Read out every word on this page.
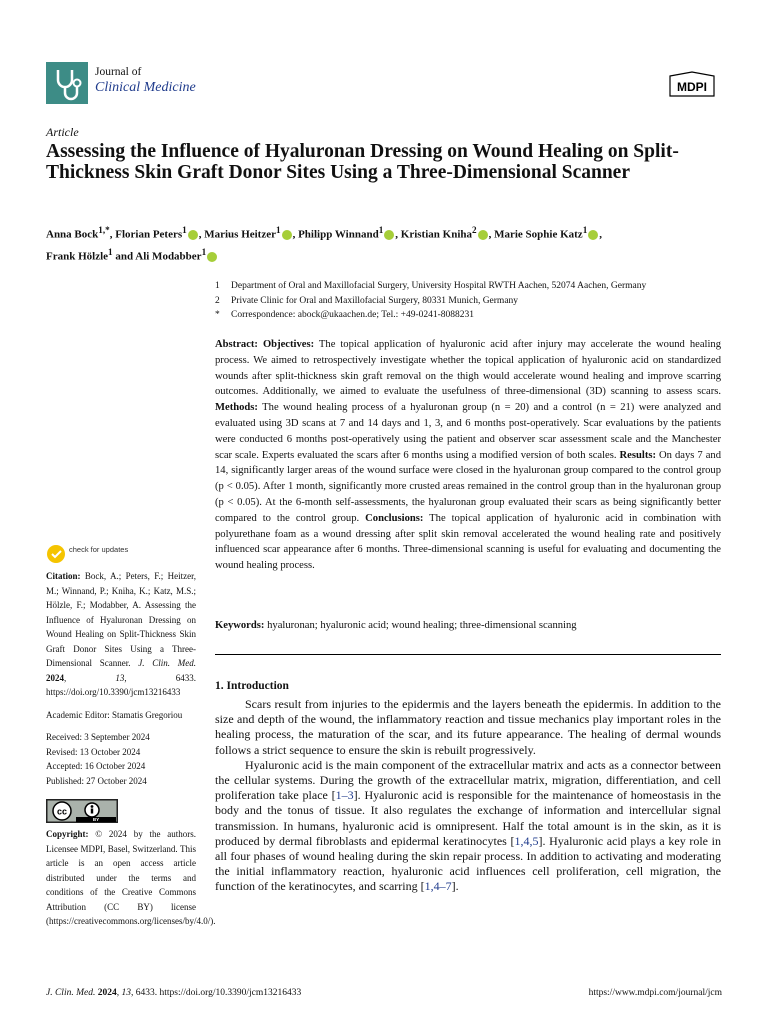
Journal of
Clinical Medicine	MDPI
Article
Assessing the Influence of Hyaluronan Dressing on Wound Healing on Split-Thickness Skin Graft Donor Sites Using a Three-Dimensional Scanner
Anna Bock$^{1,*}$, Florian Peters$^1$ , Marius Heitzer$^1$ , Philipp Winnand$^1$ , Kristian Kniha$^2$ , Marie Sophie Katz$^1$ ,
Frank Hölzle$^1$ and Ali Modabber$^1$
1 Department of Oral and Maxillofacial Surgery, University Hospital RWTH Aachen, 52074 Aachen, Germany
2 Private Clinic for Oral and Maxillofacial Surgery, 80331 Munich, Germany
* Correspondence: abock@ukaachen.de; Tel.: +49-0241-8088231
Abstract: Objectives: The topical application of hyaluronic acid after injury may accelerate the wound healing process. We aimed to retrospectively investigate whether the topical application of hyaluronic acid on standardized wounds after split-thickness skin graft removal on the thigh would accelerate wound healing and improve scarring outcomes. Additionally, we aimed to evaluate the usefulness of three-dimensional (3D) scanning to assess scars. Methods: The wound healing process of a hyaluronan group (n = 20) and a control (n = 21) were analyzed and evaluated using 3D scans at 7 and 14 days and 1, 3, and 6 months post-operatively. Scar evaluations by the patients were conducted 6 months post-operatively using the patient and observer scar assessment scale and the Manchester scar scale. Experts evaluated the scars after 6 months using a modified version of both scales. Results: On days 7 and 14, significantly larger areas of the wound surface were closed in the hyaluronan group compared to the control group (p < 0.05). After 1 month, significantly more crusted areas remained in the control group than in the hyaluronan group (p < 0.05). At the 6-month self-assessments, the hyaluronan group evaluated their scars as being significantly better compared to the control group. Conclusions: The topical application of hyaluronic acid in combination with polyurethane foam as a wound dressing after split skin removal accelerated the wound healing rate and positively influenced scar appearance after 6 months. Three-dimensional scanning is useful for evaluating and documenting the wound healing process.
Keywords: hyaluronan; hyaluronic acid; wound healing; three-dimensional scanning
1. Introduction

Scars result from injuries to the epidermis and the layers beneath the epidermis. In addition to the size and depth of the wound, the inflammatory reaction and tissue mechanics play important roles in the healing process, the maturation of the scar, and its future appearance. The healing of dermal wounds follows a strict sequence to ensure the skin is rebuilt progressively.

Hyaluronic acid is the main component of the extracellular matrix and acts as a connector between the cellular systems. During the growth of the extracellular matrix, migration, differentiation, and cell proliferation take place [1–3]. Hyaluronic acid is responsible for the maintenance of homeostasis in the body and the tonus of tissue. It also regulates the exchange of information and intercellular signal transmission. In humans, hyaluronic acid is omnipresent. Half the total amount is in the skin, as it is produced by dermal fibroblasts and epidermal keratinocytes [1,4,5]. Hyaluronic acid plays a key role in all four phases of wound healing during the skin repair process. In addition to activating and moderating the initial inflammatory reaction, hyaluronic acid influences cell proliferation, cell migration, the function of the keratinocytes, and scarring [1,4–7].

check for updates
Citation: Bock, A.; Peters, F.; Heitzer, M.; Winnand, P.; Kniha, K.; Katz, M.S.; Hölzle, F.; Modabber, A. Assessing the Influence of Hyaluronan Dressing on Wound Healing on Split-Thickness Skin Graft Donor Sites Using a Three-Dimensional Scanner. J. Clin. Med. 2024, 13, 6433. https://doi.org/10.3390/jcm13216433
Academic Editor: Stamatis Gregoriou
Received: 3 September 2024
Revised: 13 October 2024
Accepted: 16 October 2024
Published: 27 October 2024
cc
BY
Copyright: © 2024 by the authors. Licensee MDPI, Basel, Switzerland. This article is an open access article distributed under the terms and conditions of the Creative Commons Attribution (CC BY) license (https://creativecommons.org/licenses/by/4.0/).
J. Clin. Med. 2024, 13, 6433. https://doi.org/10.3390/jcm13216433	https://www.mdpi.com/journal/jcm
